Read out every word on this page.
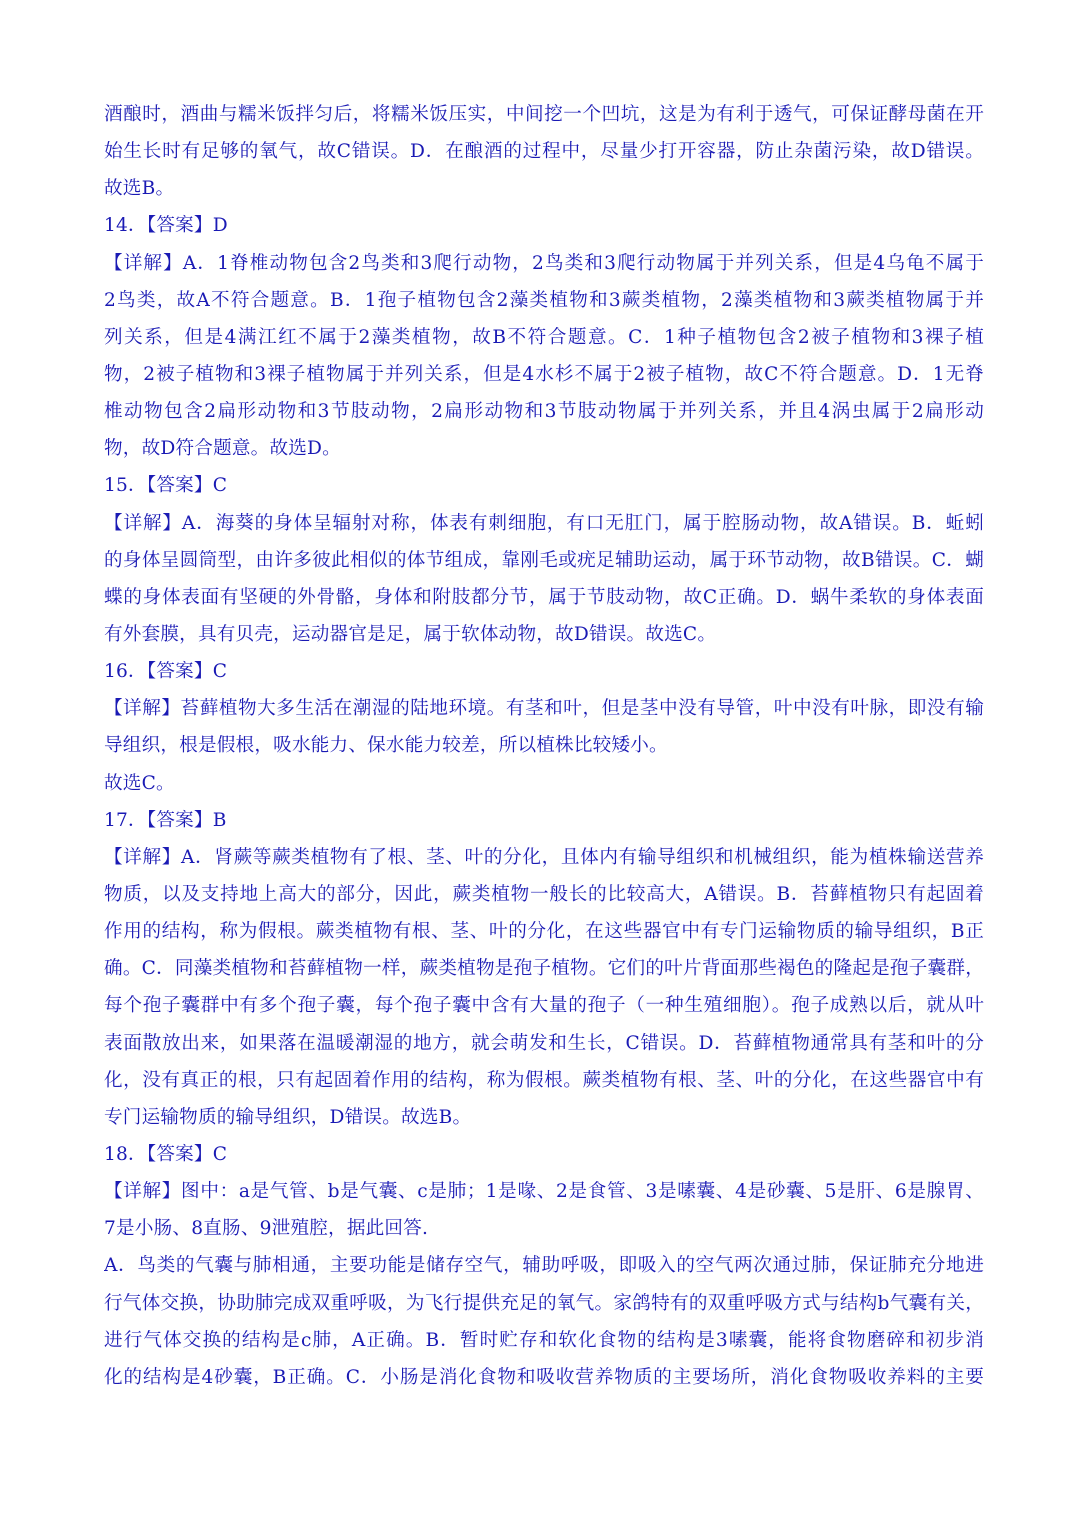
酒酿时，酒曲与糯米饭拌匀后，将糯米饭压实，中间挖一个凹坑，这是为有利于透气，可保证酵母菌在开
始生长时有足够的氧气，故C错误。D．在酿酒的过程中，尽量少打开容器，防止杂菌污染，故D错误。
故选B。
14．【答案】D
【详解】A．1脊椎动物包含2鸟类和3爬行动物，2鸟类和3爬行动物属于并列关系，但是4乌龟不属于
2鸟类，故A不符合题意。B．1孢子植物包含2藻类植物和3蕨类植物，2藻类植物和3蕨类植物属于并
列关系，但是4满江红不属于2藻类植物，故B不符合题意。C．1种子植物包含2被子植物和3裸子植
物，2被子植物和3裸子植物属于并列关系，但是4水杉不属于2被子植物，故C不符合题意。D．1无脊
椎动物包含2扁形动物和3节肢动物，2扁形动物和3节肢动物属于并列关系，并且4涡虫属于2扁形动
物，故D符合题意。故选D。
15．【答案】C
【详解】A．海葵的身体呈辐射对称，体表有刺细胞，有口无肛门，属于腔肠动物，故A错误。B．蚯蚓
的身体呈圆筒型，由许多彼此相似的体节组成，靠刚毛或疣足辅助运动，属于环节动物，故B错误。C．蝴
蝶的身体表面有坚硬的外骨骼，身体和附肢都分节，属于节肢动物，故C正确。D．蜗牛柔软的身体表面
有外套膜，具有贝壳，运动器官是足，属于软体动物，故D错误。故选C。
16．【答案】C
【详解】苔藓植物大多生活在潮湿的陆地环境。有茎和叶，但是茎中没有导管，叶中没有叶脉，即没有输
导组织，根是假根，吸水能力、保水能力较差，所以植株比较矮小。
故选C。
17．【答案】B
【详解】A．肾蕨等蕨类植物有了根、茎、叶的分化，且体内有输导组织和机械组织，能为植株输送营养
物质，以及支持地上高大的部分，因此，蕨类植物一般长的比较高大，A错误。B．苔藓植物只有起固着
作用的结构，称为假根。蕨类植物有根、茎、叶的分化，在这些器官中有专门运输物质的输导组织，B正
确。C．同藻类植物和苔藓植物一样，蕨类植物是孢子植物。它们的叶片背面那些褐色的隆起是孢子囊群，
每个孢子囊群中有多个孢子囊，每个孢子囊中含有大量的孢子（一种生殖细胞）。孢子成熟以后，就从叶
表面散放出来，如果落在温暖潮湿的地方，就会萌发和生长，C错误。D．苔藓植物通常具有茎和叶的分
化，没有真正的根，只有起固着作用的结构，称为假根。蕨类植物有根、茎、叶的分化，在这些器官中有
专门运输物质的输导组织，D错误。故选B。
18．【答案】C
【详解】图中：a是气管、b是气囊、c是肺；1是喙、2是食管、3是嗉囊、4是砂囊、5是肝、6是腺胃、
7是小肠、8直肠、9泄殖腔，据此回答.
A．鸟类的气囊与肺相通，主要功能是储存空气，辅助呼吸，即吸入的空气两次通过肺，保证肺充分地进
行气体交换，协助肺完成双重呼吸，为飞行提供充足的氧气。家鸽特有的双重呼吸方式与结构b气囊有关，
进行气体交换的结构是c肺，A正确。B．暂时贮存和软化食物的结构是3嗉囊，能将食物磨碎和初步消
化的结构是4砂囊，B正确。C．小肠是消化食物和吸收营养物质的主要场所，消化食物吸收养料的主要
